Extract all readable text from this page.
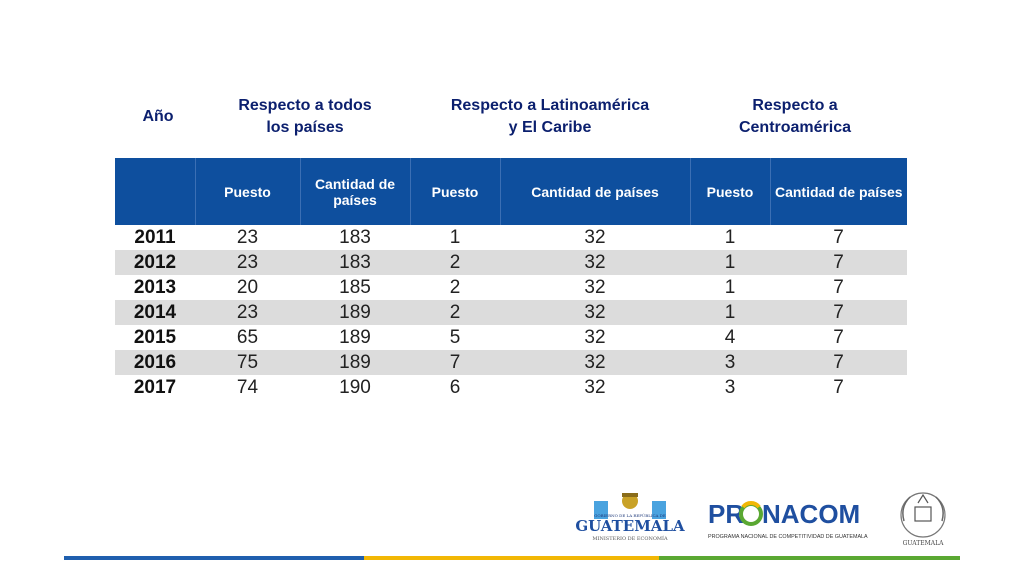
Año
Respecto a todos
los países
Respecto a Latinoamérica
y El Caribe
Respecto a
Centroamérica
	Puesto	Cantidad de países	Puesto	Cantidad de países	Puesto	Cantidad de países
2011	23	183	1	32	1	7
2012	23	183	2	32	1	7
2013	20	185	2	32	1	7
2014	23	189	2	32	1	7
2015	65	189	5	32	4	7
2016	75	189	7	32	3	7
2017	74	190	6	32	3	7
GOBIERNO DE LA REPÚBLICA DE
GUATEMALA
MINISTERIO DE ECONOMÍA
PR NACOM
PROGRAMA NACIONAL DE COMPETITIVIDAD DE GUATEMALA
GUATEMALA
